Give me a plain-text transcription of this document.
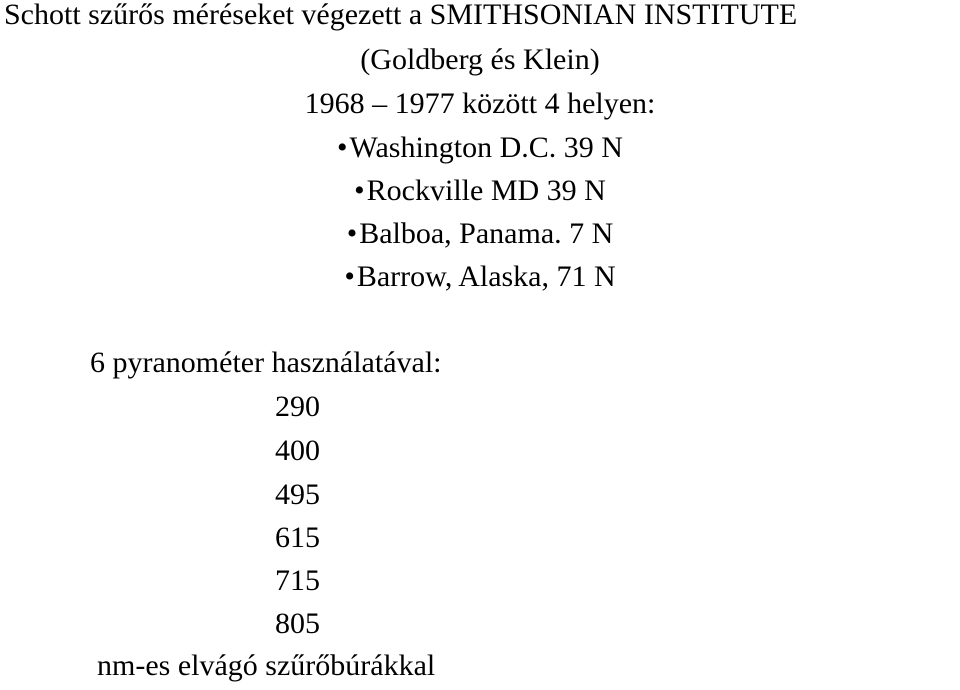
Schott szűrős méréseket végezett a SMITHSONIAN INSTITUTE
(Goldberg és Klein)
1968 – 1977 között 4 helyen:
• Washington D.C. 39 N
• Rockville MD 39 N
• Balboa, Panama. 7 N
• Barrow, Alaska, 71 N
6 pyranométer használatával:
290
400
495
615
715
805
nm-es elvágó szűrőbúrákkal
